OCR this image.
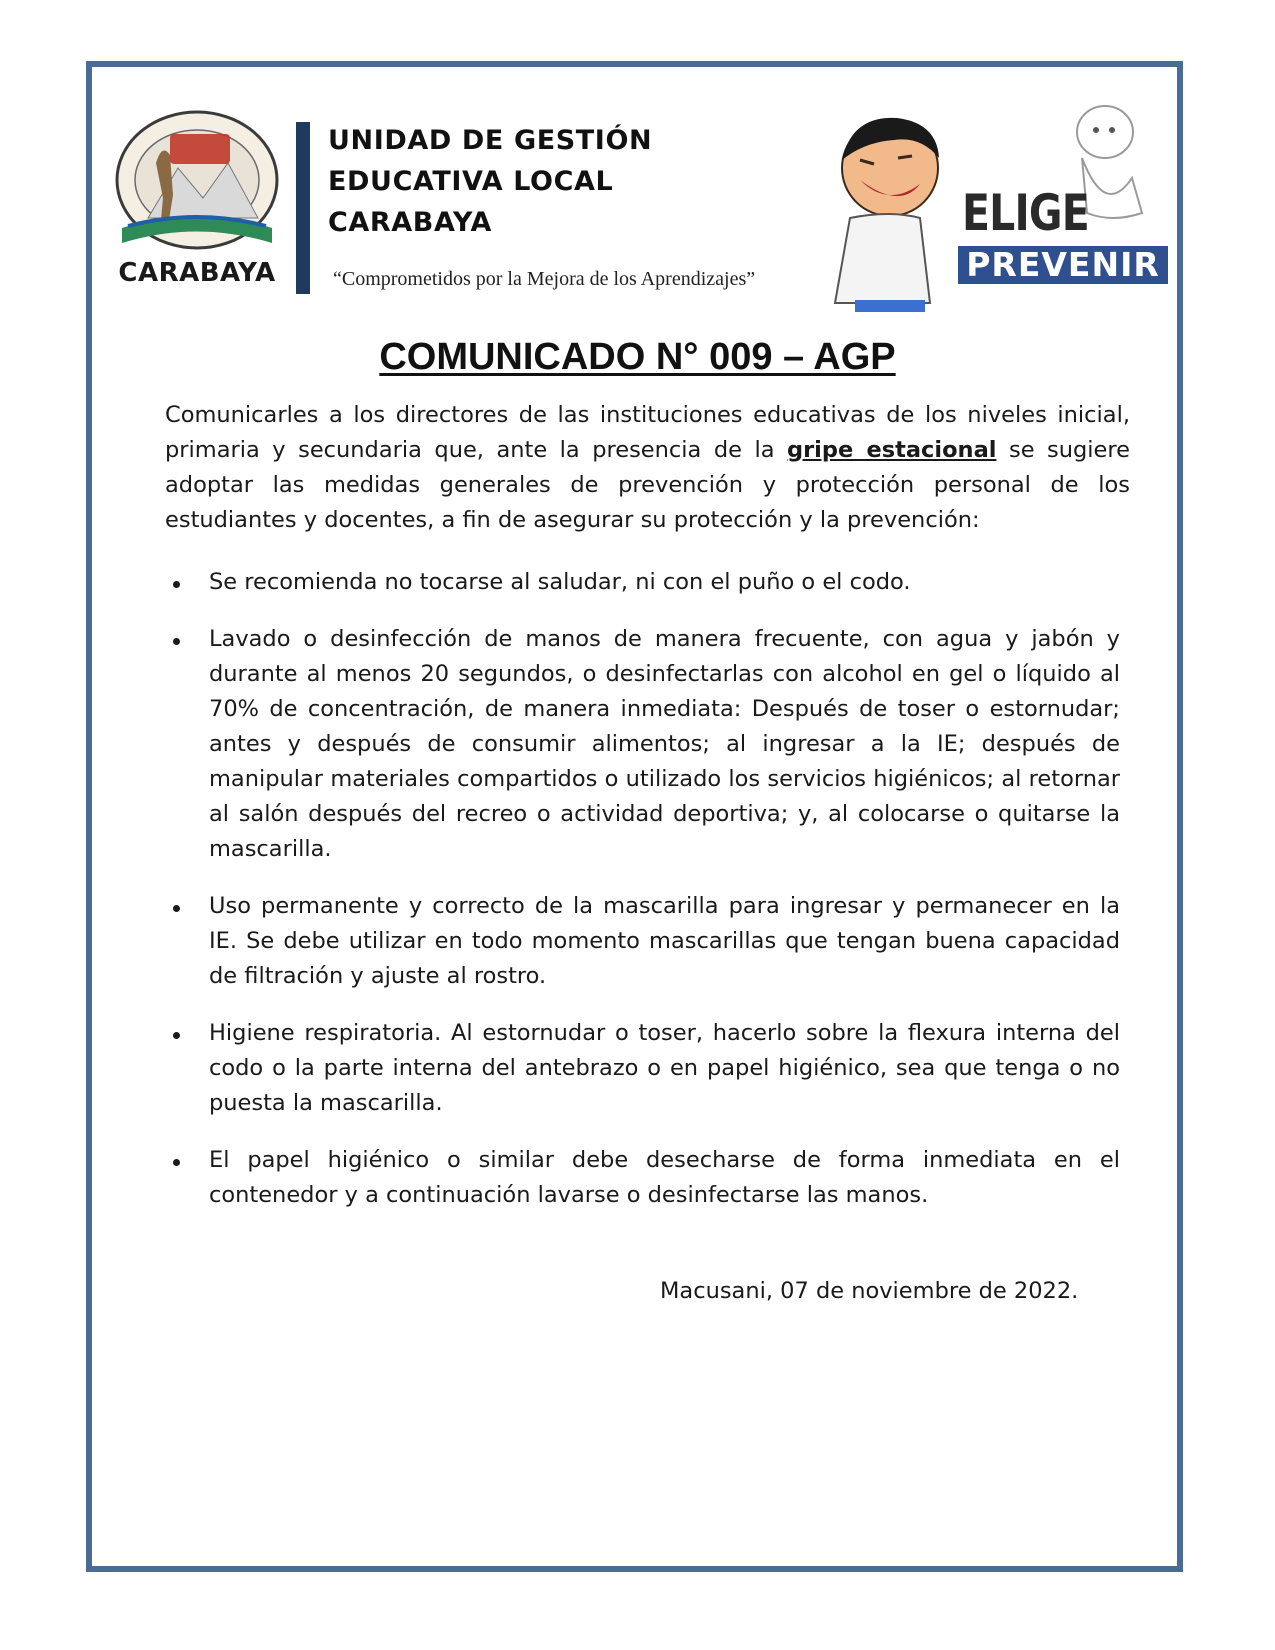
CARABAYA
UNIDAD DE GESTIÓN
EDUCATIVA LOCAL
CARABAYA
“Comprometidos por la Mejora de los Aprendizajes”
ELIGE
PREVENIR
COMUNICADO N° 009 – AGP
Comunicarles a los directores de las instituciones educativas de los niveles inicial, primaria y secundaria que, ante la presencia de la gripe estacional se sugiere adoptar las medidas generales de prevención y protección personal de los estudiantes y docentes, a fin de asegurar su protección y la prevención:
Se recomienda no tocarse al saludar, ni con el puño o el codo.
Lavado o desinfección de manos de manera frecuente, con agua y jabón y durante al menos 20 segundos, o desinfectarlas con alcohol en gel o líquido al 70% de concentración, de manera inmediata: Después de toser o estornudar; antes y después de consumir alimentos; al ingresar a la IE; después de manipular materiales compartidos o utilizado los servicios higiénicos; al retornar al salón después del recreo o actividad deportiva; y, al colocarse o quitarse la mascarilla.
Uso permanente y correcto de la mascarilla para ingresar y permanecer en la IE. Se debe utilizar en todo momento mascarillas que tengan buena capacidad de filtración y ajuste al rostro.
Higiene respiratoria. Al estornudar o toser, hacerlo sobre la flexura interna del codo o la parte interna del antebrazo o en papel higiénico, sea que tenga o no puesta la mascarilla.
El papel higiénico o similar debe desecharse de forma inmediata en el contenedor y a continuación lavarse o desinfectarse las manos.
Macusani, 07 de noviembre de 2022.
